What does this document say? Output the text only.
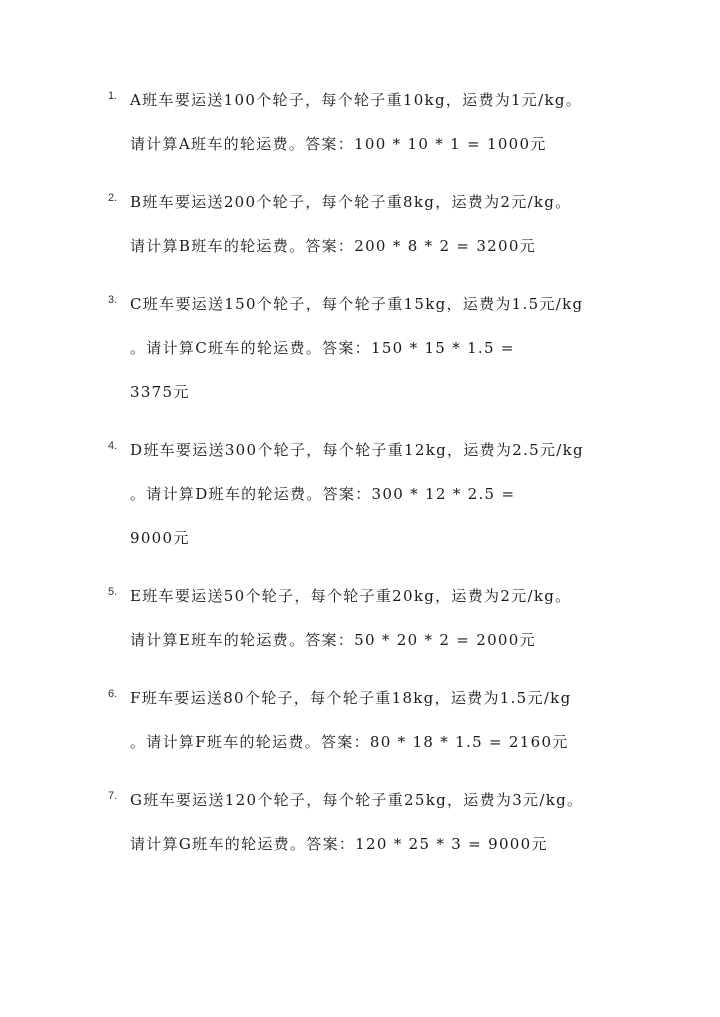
1. A班车要运送100个轮子，每个轮子重10kg，运费为1元/kg。
请计算A班车的轮运费。答案：100 * 10 * 1 = 1000元
2. B班车要运送200个轮子，每个轮子重8kg，运费为2元/kg。
请计算B班车的轮运费。答案：200 * 8 * 2 = 3200元
3. C班车要运送150个轮子，每个轮子重15kg，运费为1.5元/kg
。请计算C班车的轮运费。答案：150 * 15 * 1.5 =
3375元
4. D班车要运送300个轮子，每个轮子重12kg，运费为2.5元/kg
。请计算D班车的轮运费。答案：300 * 12 * 2.5 =
9000元
5. E班车要运送50个轮子，每个轮子重20kg，运费为2元/kg。
请计算E班车的轮运费。答案：50 * 20 * 2 = 2000元
6. F班车要运送80个轮子，每个轮子重18kg，运费为1.5元/kg
。请计算F班车的轮运费。答案：80 * 18 * 1.5 = 2160元
7. G班车要运送120个轮子，每个轮子重25kg，运费为3元/kg。
请计算G班车的轮运费。答案：120 * 25 * 3 = 9000元
